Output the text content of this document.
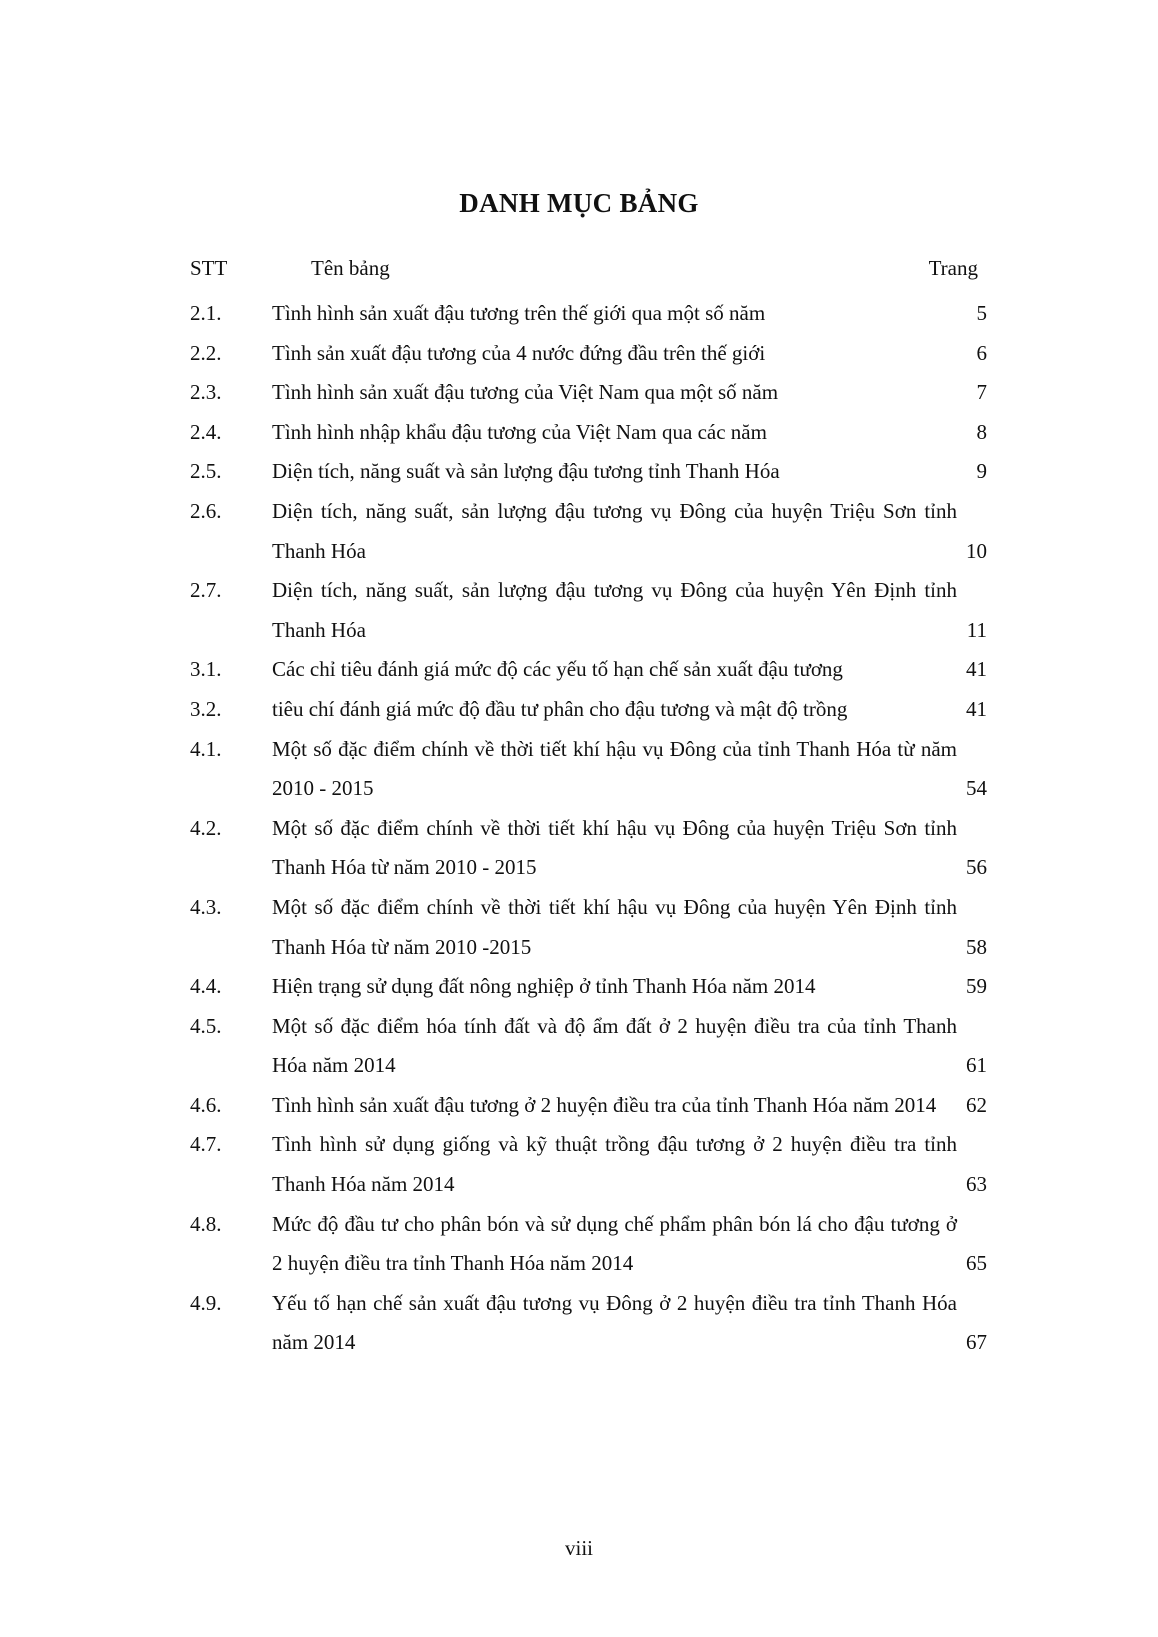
DANH MỤC BẢNG
STT	Tên bảng	Trang
2.1. Tình hình sản xuất đậu tương trên thế giới qua một số năm	5
2.2. Tình sản xuất đậu tương của 4 nước đứng đầu trên thế giới	6
2.3. Tình hình sản xuất đậu tương của Việt Nam qua một số năm	7
2.4. Tình hình nhập khẩu đậu tương của Việt Nam qua các năm	8
2.5. Diện tích, năng suất và sản lượng đậu tương tỉnh Thanh Hóa	9
2.6. Diện tích, năng suất, sản lượng đậu tương vụ Đông của huyện Triệu Sơn tỉnh Thanh Hóa	10
2.7. Diện tích, năng suất, sản lượng đậu tương vụ Đông của huyện Yên Định tỉnh Thanh Hóa	11
3.1. Các chỉ tiêu đánh giá mức độ các yếu tố hạn chế sản xuất đậu tương	41
3.2. tiêu chí đánh giá mức độ đầu tư phân cho đậu tương và mật độ trồng	41
4.1. Một số đặc điểm chính về thời tiết khí hậu vụ Đông của tỉnh Thanh Hóa từ năm 2010 - 2015	54
4.2. Một số đặc điểm chính về thời tiết khí hậu vụ Đông của huyện Triệu Sơn tỉnh Thanh Hóa từ năm 2010 - 2015	56
4.3. Một số đặc điểm chính về thời tiết khí hậu vụ Đông của huyện Yên Định tỉnh Thanh Hóa từ năm 2010 -2015	58
4.4. Hiện trạng sử dụng đất nông nghiệp ở tỉnh Thanh Hóa năm 2014	59
4.5. Một số đặc điểm hóa tính đất và độ ẩm đất ở 2 huyện điều tra của tỉnh Thanh Hóa năm 2014	61
4.6. Tình hình sản xuất đậu tương ở 2 huyện điều tra của tỉnh Thanh Hóa năm 2014	62
4.7. Tình hình sử dụng giống và kỹ thuật trồng đậu tương ở 2 huyện điều tra tỉnh Thanh Hóa năm 2014	63
4.8. Mức độ đầu tư cho phân bón và sử dụng chế phẩm phân bón lá cho đậu tương ở 2 huyện điều tra tỉnh Thanh Hóa năm 2014	65
4.9. Yếu tố hạn chế sản xuất đậu tương vụ Đông ở 2 huyện điều tra tỉnh Thanh Hóa năm 2014	67
viii
